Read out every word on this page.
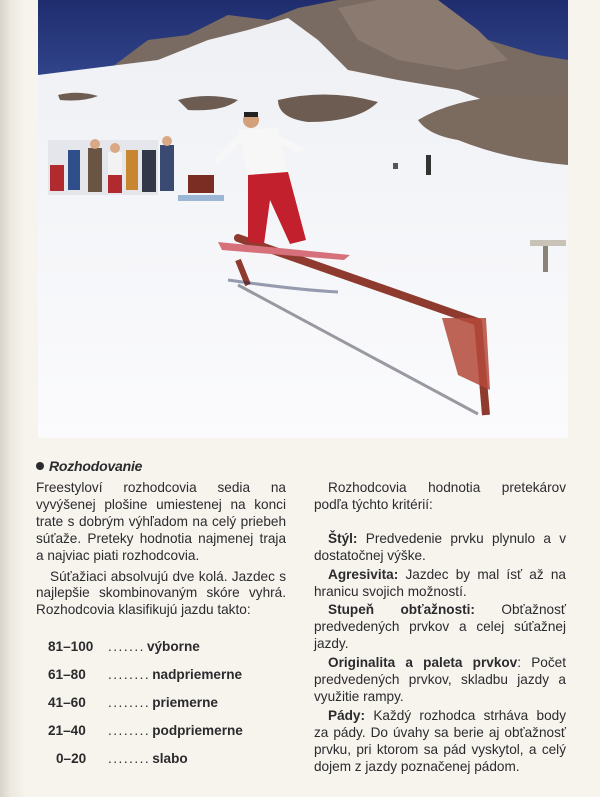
Rozhodovanie

Freestyloví rozhodcovia sedia na vyvýšenej plošine umiestenej na konci trate s dobrým výhľadom na celý priebeh súťaže. Preteky hodnotia najmenej traja a najviac piati rozhodcovia.

Súťažiaci absolvujú dve kolá. Jazdec s najlepšie skombinovaným skóre vyhrá. Rozhodcovia klasifikujú jazdu takto:

81–100	....... výborne
61–80	........ nadpriemerne
41–60	........ priemerne
21–40	........ podpriemerne
0–20	........ slabo

Rozhodcovia hodnotia pretekárov podľa týchto kritérií:

Štýl: Predvedenie prvku plynulo a v dostatočnej výške.

Agresivita: Jazdec by mal ísť až na hranicu svojich možností.

Stupeň obťažnosti: Obťažnosť predvedených prvkov a celej súťažnej jazdy.

Originalita a paleta prvkov: Počet predvedených prvkov, skladbu jazdy a využitie rampy.

Pády: Každý rozhodca strháva body za pády. Do úvahy sa berie aj obťažnosť prvku, pri ktorom sa pád vyskytol, a celý dojem z jazdy poznačenej pádom.
